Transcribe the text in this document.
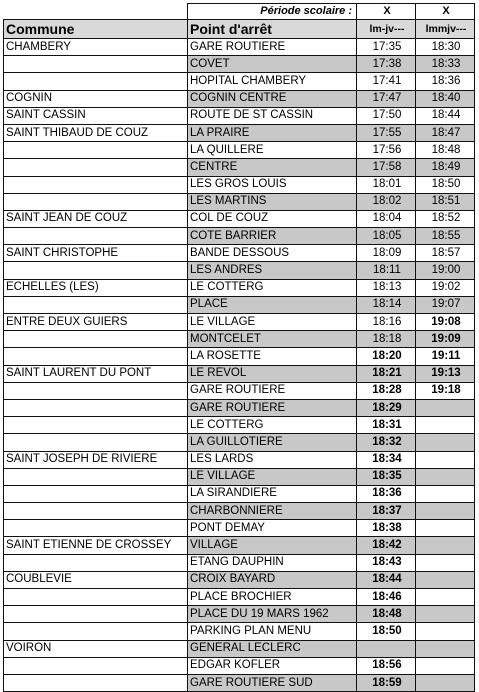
	Période scolaire :	X	X
Commune	Point d'arrêt	lm-jv---	lmmjv---
CHAMBERY	GARE ROUTIERE	17:35	18:30
	COVET	17:38	18:33
	HOPITAL CHAMBERY	17:41	18:36
COGNIN	COGNIN CENTRE	17:47	18:40
SAINT CASSIN	ROUTE DE ST CASSIN	17:50	18:44
SAINT THIBAUD DE COUZ	LA PRAIRE	17:55	18:47
	LA QUILLERE	17:56	18:48
	CENTRE	17:58	18:49
	LES GROS LOUIS	18:01	18:50
	LES MARTINS	18:02	18:51
SAINT JEAN DE COUZ	COL DE COUZ	18:04	18:52
	COTE BARRIER	18:05	18:55
SAINT CHRISTOPHE	BANDE DESSOUS	18:09	18:57
	LES ANDRES	18:11	19:00
ECHELLES (LES)	LE COTTERG	18:13	19:02
	PLACE	18:14	19:07
ENTRE DEUX GUIERS	LE VILLAGE	18:16	19:08
	MONTCELET	18:18	19:09
	LA ROSETTE	18:20	19:11
SAINT LAURENT DU PONT	LE REVOL	18:21	19:13
	GARE ROUTIERE	18:28	19:18
	GARE ROUTIERE	18:29	
	LE COTTERG	18:31	
	LA GUILLOTIERE	18:32	
SAINT JOSEPH DE RIVIERE	LES LARDS	18:34	
	LE VILLAGE	18:35	
	LA SIRANDIERE	18:36	
	CHARBONNIERE	18:37	
	PONT DEMAY	18:38	
SAINT ETIENNE DE CROSSEY	VILLAGE	18:42	
	ETANG DAUPHIN	18:43	
COUBLEVIE	CROIX BAYARD	18:44	
	PLACE BROCHIER	18:46	
	PLACE DU 19 MARS 1962	18:48	
	PARKING PLAN MENU	18:50	
VOIRON	GENERAL LECLERC		
	EDGAR KOFLER	18:56	
	GARE ROUTIERE SUD	18:59	
